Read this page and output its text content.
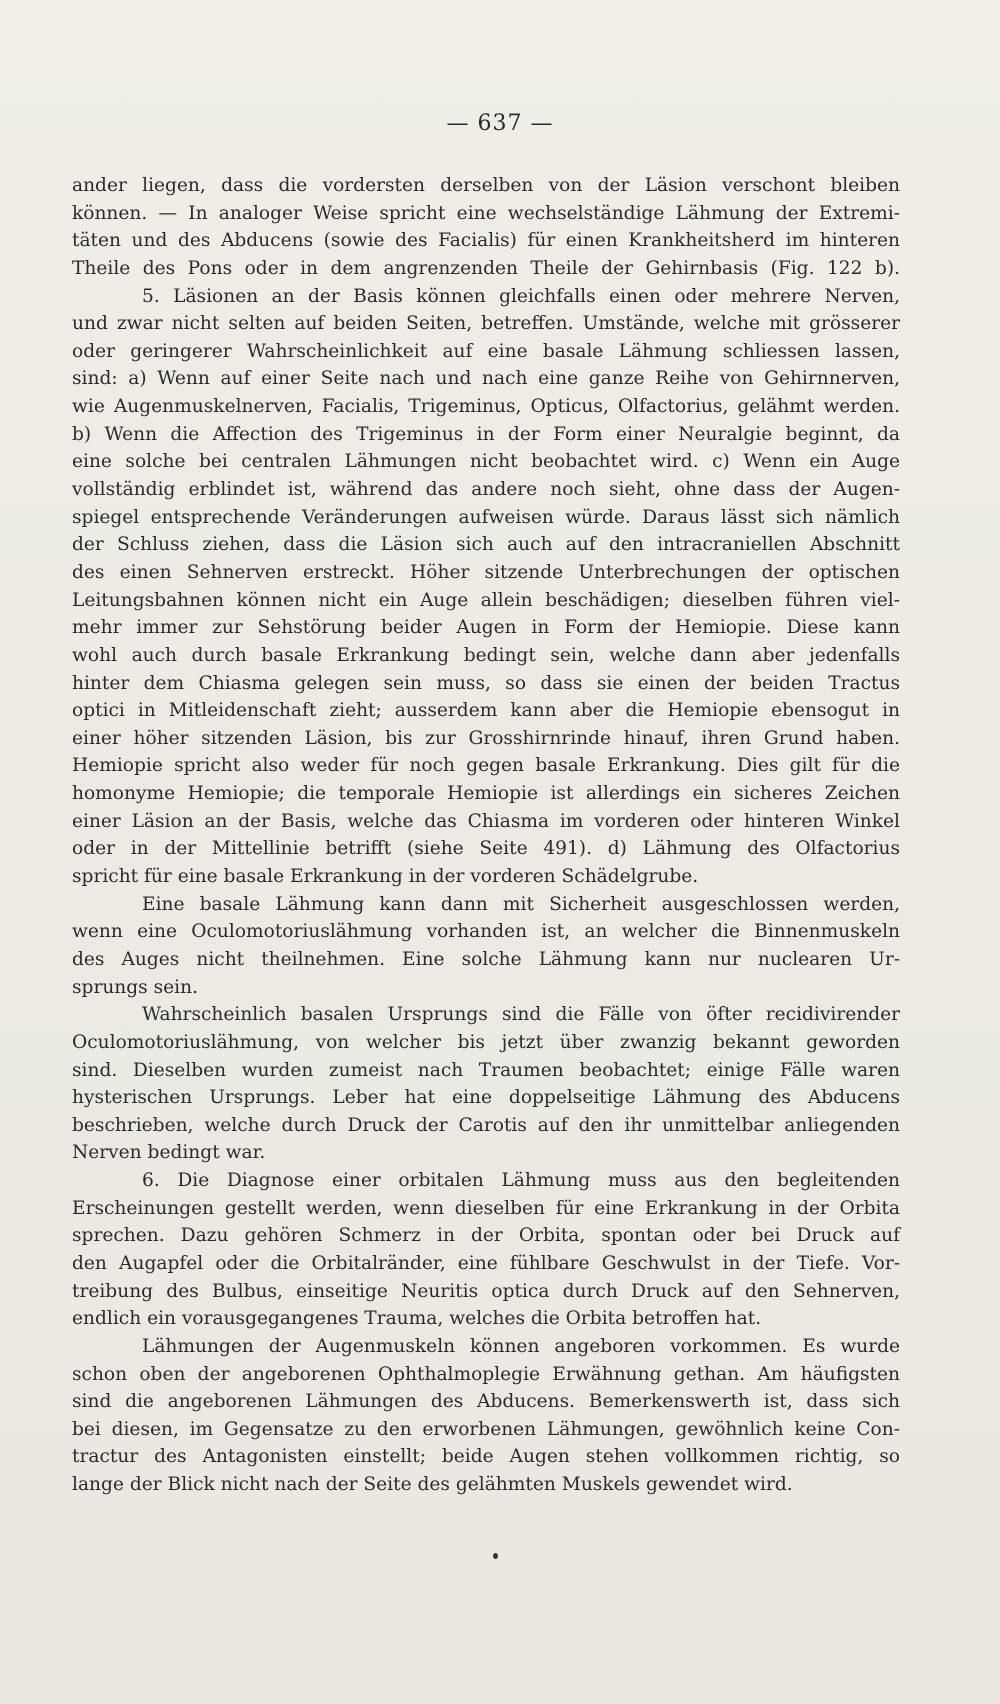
— 637 —
ander liegen, dass die vordersten derselben von der Läsion verschont bleiben
können. — In analoger Weise spricht eine wechselständige Lähmung der Extremi-
täten und des Abducens (sowie des Facialis) für einen Krankheitsherd im hinteren
Theile des Pons oder in dem angrenzenden Theile der Gehirnbasis (Fig. 122 b).
5. Läsionen an der Basis können gleichfalls einen oder mehrere Nerven,
und zwar nicht selten auf beiden Seiten, betreffen. Umstände, welche mit grösserer
oder geringerer Wahrscheinlichkeit auf eine basale Lähmung schliessen lassen,
sind: a) Wenn auf einer Seite nach und nach eine ganze Reihe von Gehirnnerven,
wie Augenmuskelnerven, Facialis, Trigeminus, Opticus, Olfactorius, gelähmt werden.
b) Wenn die Affection des Trigeminus in der Form einer Neuralgie beginnt, da
eine solche bei centralen Lähmungen nicht beobachtet wird. c) Wenn ein Auge
vollständig erblindet ist, während das andere noch sieht, ohne dass der Augen-
spiegel entsprechende Veränderungen aufweisen würde. Daraus lässt sich nämlich
der Schluss ziehen, dass die Läsion sich auch auf den intracraniellen Abschnitt
des einen Sehnerven erstreckt. Höher sitzende Unterbrechungen der optischen
Leitungsbahnen können nicht ein Auge allein beschädigen; dieselben führen viel-
mehr immer zur Sehstörung beider Augen in Form der Hemiopie. Diese kann
wohl auch durch basale Erkrankung bedingt sein, welche dann aber jedenfalls
hinter dem Chiasma gelegen sein muss, so dass sie einen der beiden Tractus
optici in Mitleidenschaft zieht; ausserdem kann aber die Hemiopie ebensogut in
einer höher sitzenden Läsion, bis zur Grosshirnrinde hinauf, ihren Grund haben.
Hemiopie spricht also weder für noch gegen basale Erkrankung. Dies gilt für die
homonyme Hemiopie; die temporale Hemiopie ist allerdings ein sicheres Zeichen
einer Läsion an der Basis, welche das Chiasma im vorderen oder hinteren Winkel
oder in der Mittellinie betrifft (siehe Seite 491). d) Lähmung des Olfactorius
spricht für eine basale Erkrankung in der vorderen Schädelgrube.
Eine basale Lähmung kann dann mit Sicherheit ausgeschlossen werden,
wenn eine Oculomotoriuslähmung vorhanden ist, an welcher die Binnenmuskeln
des Auges nicht theilnehmen. Eine solche Lähmung kann nur nuclearen Ur-
sprungs sein.
Wahrscheinlich basalen Ursprungs sind die Fälle von öfter recidivirender
Oculomotoriuslähmung, von welcher bis jetzt über zwanzig bekannt geworden
sind. Dieselben wurden zumeist nach Traumen beobachtet; einige Fälle waren
hysterischen Ursprungs. Leber hat eine doppelseitige Lähmung des Abducens
beschrieben, welche durch Druck der Carotis auf den ihr unmittelbar anliegenden
Nerven bedingt war.
6. Die Diagnose einer orbitalen Lähmung muss aus den begleitenden
Erscheinungen gestellt werden, wenn dieselben für eine Erkrankung in der Orbita
sprechen. Dazu gehören Schmerz in der Orbita, spontan oder bei Druck auf
den Augapfel oder die Orbitalränder, eine fühlbare Geschwulst in der Tiefe. Vor-
treibung des Bulbus, einseitige Neuritis optica durch Druck auf den Sehnerven,
endlich ein vorausgegangenes Trauma, welches die Orbita betroffen hat.
Lähmungen der Augenmuskeln können angeboren vorkommen. Es wurde
schon oben der angeborenen Ophthalmoplegie Erwähnung gethan. Am häufigsten
sind die angeborenen Lähmungen des Abducens. Bemerkenswerth ist, dass sich
bei diesen, im Gegensatze zu den erworbenen Lähmungen, gewöhnlich keine Con-
tractur des Antagonisten einstellt; beide Augen stehen vollkommen richtig, so
lange der Blick nicht nach der Seite des gelähmten Muskels gewendet wird.
